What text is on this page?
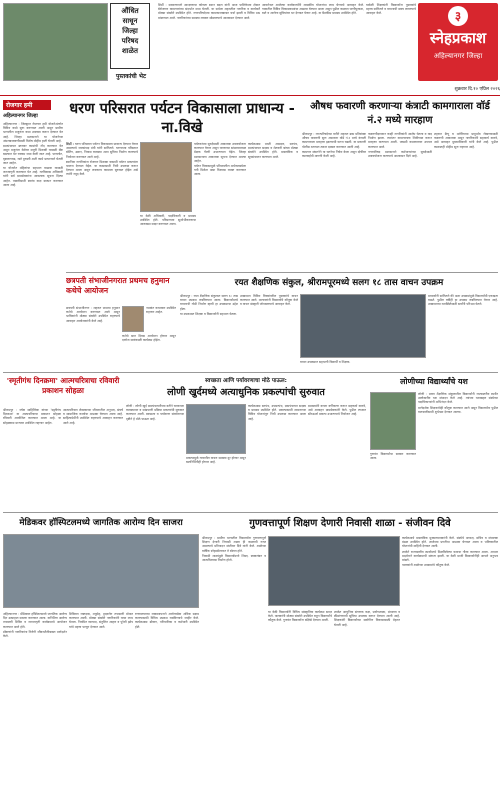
औंधित
साधून
जिल्हा
परिषद
शाळेत
पुस्तकांची भेट

शिर्डी : साधारणपणे आरक्षणाचा कोणता स्थान बदल यांनी आज पालिकेच्या क्षेत्रात बेरोजगार कामगारांच्या संदर्भात सभा घेतली. या सभेला शहरातील नागरिक व कार्यकर्ते मोठ्या संख्येने उपस्थित होते. नगरपरिषदेच्या कामकाजाबाबत चर्चा झाली व विविध प्रश्न मांडण्यात आले. नागरिकांच्या समस्या लवकर सोडवण्याचे आश्वासन देण्यात आले.

आवर्तनात आलेल्या कार्यकर्त्यांनी शासकीय योजनांचा लाभ घेण्याचे आवाहन केले. गावातील विविध विकासकामांचा आढावा घेण्यात आला असून पुढील काळात पाणीपुरवठा, रस्ते व आरोग्य सुविधांवर भर देण्यात येणार आहे. या बैठकीस ग्रामस्थ उपस्थित होते.

यावेळी शिक्षकांनी विद्यार्थ्यांना पुस्तकांचे महत्त्व सांगितले व वाचनाची सवय लावण्याचे आवाहन केले.	३
स्नेहप्रकाश
अहिल्यानगर जिल्हा
शुक्रवार दि.१० एप्रिल २०२६
रोजगार हमी
अहिल्यानगर जिल्हा

अहिल्यानगर : जिल्ह्यात रोजगार हमी योजनेअंतर्गत विविध कामे सुरू करण्यात आली असून ग्रामीण भागातील मजुरांना काम उपलब्ध करून देण्यात येत आहे. जिल्हा प्रशासनाने या योजनेच्या अंमलबजावणीसाठी विशेष मोहीम हाती घेतली आहे.

ग्रामपंचायत स्तरावर कामांची नोंद करण्यात येत असून मजुरांना वेळेवर मजुरी मिळावी यासाठी बँक खात्यात थेट रक्कम जमा केली जात आहे. पाणलोट, वृक्षलागवड, रस्ते दुरुस्ती अशी कामे प्राधान्याने घेतली जात आहेत.

या योजनेत महिलांचा सहभाग वाढावा यासाठी जनजागृती करण्यात येत आहे. गटविकास अधिकारी यांनी सर्व ग्रामसेवकांना आवश्यक सूचना दिल्या आहेत. तक्रारींसाठी स्वतंत्र कक्ष स्थापन करण्यात आला आहे.

धरण परिसरात पर्यटन विकासाला प्राधान्य - ना.विखे

शिर्डी : धरण परिसरात पर्यटन विकासाला प्राधान्य देण्यात येणार असल्याचे जलसंपदा मंत्री यांनी सांगितले. धरणाच्या परिसरात बोटिंग, उद्यान, निवास व्यवस्था अशा सुविधा निर्माण करण्याचे नियोजन करण्यात आले आहे.

स्थानिक नागरिकांना रोजगार मिळावा यासाठी पर्यटन प्रकल्पांना चालना देण्यात येईल. या कामासाठी निधी उपलब्ध करून देण्यात आला असून लवकरच कामाला सुरुवात होईल असे त्यांनी नमूद केले.

या वेळी अधिकारी, पदाधिकारी व ग्रामस्थ उपस्थित होते. परिसराच्या सुशोभीकरणाचा आराखडा सादर करण्यात आला.

पर्यटकांच्या सुरक्षेसाठी आवश्यक उपाययोजना करण्यात येणार असून धरणाच्या सांडव्याजवळ प्रेक्षक गॅलरी उभारण्यात येईल. जिल्हा प्रशासनाला आवश्यक सूचना देण्यात आल्या आहेत.

पर्यटन विकासामुळे परिसरातील अर्थव्यवस्थेला गती मिळेल असा विश्वास व्यक्त करण्यात आला.

कार्यक्रमास माजी आमदार, सरपंच, ग्रामपंचायत सदस्य व शेतकरी बांधव मोठ्या संख्येने उपस्थित होते. प्रास्ताविक व सूत्रसंचालन करण्यात आले.

औषध फवारणी करणाऱ्या कंत्राटी कामगाराला वॉर्ड नं.२ मध्ये मारहाण

श्रीरामपूर : नगरपरिषदेच्या वतीने शहरात डास प्रतिबंधक औषध फवारणी सुरू असताना वॉर्ड नं.२ मध्ये कंत्राटी कामगाराला मारहाण झाल्याची घटना घडली. या प्रकरणी पोलीस ठाण्यात तक्रार दाखल करण्यात आली आहे.

कामगार संघटनेने या घटनेचा निषेध केला असून दोषींवर कारवाईची मागणी केली आहे.

फवारणीदरम्यान काही नागरिकांनी आक्षेप घेतला व वाद निर्माण झाला. त्यानंतर कामगाराला शिवीगाळ करून मारहाण करण्यात आली. जखमी कामगारावर उपचार करण्यात आले.

नगरपरिषद प्रशासनाने कर्मचाऱ्यांच्या सुरक्षेसाठी उपाययोजना करण्याचे आश्वासन दिले आहे.

शहरात डेंग्यू व मलेरियाचा प्रादुर्भाव रोखण्यासाठी फवारणी आवश्यक असून नागरिकांनी सहकार्य करावे, असे आवाहन मुख्याधिकारी यांनी केले आहे. पुढील काळातही मोहीम सुरू राहणार आहे.

छत्रपती संभाजीनगरात प्रथमच हनुमान कथेचे आयोजन

छत्रपती संभाजीनगर : शहरात प्रथमच हनुमान कथेचे आयोजन करण्यात आले असून भाविकांनी मोठ्या संख्येने उपस्थित राहण्याचे आवाहन आयोजकांनी केले आहे.

कथेचे सात दिवस आयोजन होणार असून दररोज सायंकाळी कार्यक्रम होईल.

नामवंत कथाकार उपस्थित राहणार आहेत.

रयत शैक्षणिक संकुल, श्रीरामपूरमध्ये सलग १८ तास वाचन उपक्रम

श्रीरामपूर : रयत शैक्षणिक संकुलात सलग १८ तास वाचन उपक्रम राबविण्यात आला. विद्यार्थ्यांमध्ये वाचनाची गोडी निर्माण व्हावी हा उपक्रमाचा उद्देश होता.

या उपक्रमात शिक्षक व विद्यार्थ्यांनी सहभाग घेतला.

उपक्रमात विविध विषयांवरील पुस्तकांचे वाचन करण्यात आले. मान्यवरांनी विद्यार्थ्यांचे कौतुक केले व वाचन संस्कृती जोपासण्याचे आवाहन केले.

वाचन उपक्रमात सहभागी विद्यार्थी व शिक्षक.

प्राचार्यांनी सांगितले की अशा उपक्रमांमुळे विद्यार्थ्यांची एकाग्रता वाढते. पुढील वर्षीही हा उपक्रम राबविण्यात येणार आहे. उपक्रमाच्या यशस्वितेसाठी सर्वांनी परिश्रम घेतले.

'स्मृतीगंध दिनक्रमा' आत्मचरित्राचा रविवारी प्रकाशन सोहळा

श्रीरामपूर : ज्येष्ठ साहित्यिक यांच्या 'स्मृतीगंध दिनक्रमा' या आत्मचरित्राचा प्रकाशन सोहळा रविवारी आयोजित करण्यात आला आहे. या सोहळ्यास मान्यवर उपस्थित राहणार आहेत.

आत्मचरित्रात लेखकाच्या जीवनातील अनुभव, संघर्ष व सामाजिक कार्याचा आढावा घेण्यात आला आहे. साहित्यप्रेमींनी उपस्थित राहण्याचे आवाहन करण्यात आले आहे.

स्वच्छता आणि पर्यावरणाचा मोठे पाऊल:
लोणी खुर्दमध्ये अत्याधुनिक प्रकल्पांची सुरुवात

लोणी : लोणी खुर्द ग्रामपंचायतीच्या वतीने घनकचरा व्यवस्थापन व सांडपाणी प्रक्रिया प्रकल्पांची सुरुवात करण्यात आली. स्वच्छता व पर्यावरण संवर्धनाच्या दृष्टीने हे मोठे पाऊल आहे.

प्रकल्पामुळे गावातील कचरा समस्या दूर होणार असून खतनिर्मितीही होणार आहे.

कार्यक्रमास सरपंच, उपसरपंच, ग्रामपंचायत सदस्य व ग्रामस्थ उपस्थित होते. प्रकल्पासाठी शासनाच्या विविध योजनांतून निधी उपलब्ध करण्यात आला आहे.

ग्रामस्थांनी कचरा वर्गीकरण करून सहकार्य करावे, असे आवाहन ग्रामसेवकांनी केले. पुढील टप्प्यात सौरऊर्जा प्रकल्प उभारण्याचे नियोजन आहे.

लोणीच्या विद्यार्थ्यांचे यश

लोणी : प्रवरा शैक्षणिक संकुलातील विद्यार्थ्यांनी राज्यस्तरीय स्पर्धेत उल्लेखनीय यश संपादन केले आहे. त्यांच्या यशाबद्दल संस्थेच्या पदाधिकाऱ्यांनी अभिनंदन केले.

मार्गदर्शक शिक्षकांचेही कौतुक करण्यात आले असून विद्यार्थ्यांना पुढील वाटचालीसाठी शुभेच्छा देण्यात आल्या.

गुणवंत विद्यार्थ्यांचा सत्कार करण्यात आला.

मेडिकवर हॉस्पिटलमध्ये जागतिक आरोग्य दिन साजरा

अहिल्यानगर : मेडिकवर हॉस्पिटलमध्ये जागतिक आरोग्य दिन उत्साहात साजरा करण्यात आला. यानिमित्त आरोग्य तपासणी शिबिर व जनजागृती कार्यक्रमाचे आयोजन करण्यात आले होते.

डॉक्टरांनी नागरिकांना निरोगी जीवनशैलीबाबत मार्गदर्शन केले.

शिबिरात रक्तदाब, मधुमेह, हृदयरोग तपासणी मोफत करण्यात आली. मोठ्या संख्येने नागरिकांनी याचा लाभ घेतला. नियमित व्यायाम, संतुलित आहार व पुरेशी झोप यांचे महत्त्व पटवून देण्यात आले.

रुग्णालयाच्या व्यवस्थापनाने आरोग्यसेवा अधिक सक्षम करण्यासाठी विविध उपक्रम राबविण्याचे जाहीर केले. कार्यक्रमास डॉक्टर, परिचारिका व कर्मचारी उपस्थित होते.

गुणवत्तापूर्ण शिक्षण देणारी निवासी शाळा - संजीवन दिवे

श्रीरामपूर : ग्रामीण भागातील विद्यार्थ्यांना गुणवत्तापूर्ण शिक्षण देणारी निवासी शाळा ही काळाची गरज असल्याचे प्रतिपादन संजीवन दिवे यांनी केले. शाळेच्या वार्षिक स्नेहसंमेलनात ते बोलत होते.

निवासी शाळांमुळे विद्यार्थ्यांमध्ये शिस्त, स्वावलंबन व आत्मविश्वास निर्माण होतो.

या वेळी विद्यार्थ्यांनी विविध सांस्कृतिक कार्यक्रम सादर केले. पालकांनी मोठ्या संख्येने उपस्थित राहून विद्यार्थ्यांचे कौतुक केले. गुणवंत विद्यार्थ्यांना बक्षिसे देण्यात आली.

शाळेत आधुनिक संगणक कक्ष, प्रयोगशाळा, ग्रंथालय व क्रीडांगणाची सुविधा उपलब्ध करून देण्यात आली आहे. शिक्षकांनी विद्यार्थ्यांच्या सर्वांगीण विकासासाठी मेहनत घेतली आहे.

कार्यक्रमाचे प्रास्ताविक मुख्याध्यापकांनी केले. संस्थेचे अध्यक्ष, सचिव व संचालक मंडळ उपस्थित होते. शाळेच्या प्रगतीचा आढावा घेण्यात आला व भविष्यातील योजनांची माहिती देण्यात आली.

शाळेने राज्यस्तरीय स्पर्धांमध्ये मिळविलेल्या यशाचा गौरव करण्यात आला. आभार प्रदर्शनाने कार्यक्रमाची सांगता झाली. या वेळी माजी विद्यार्थ्यांनीही आपले अनुभव मांडले.

पालकांनी शाळेच्या उपक्रमांचे कौतुक केले.
